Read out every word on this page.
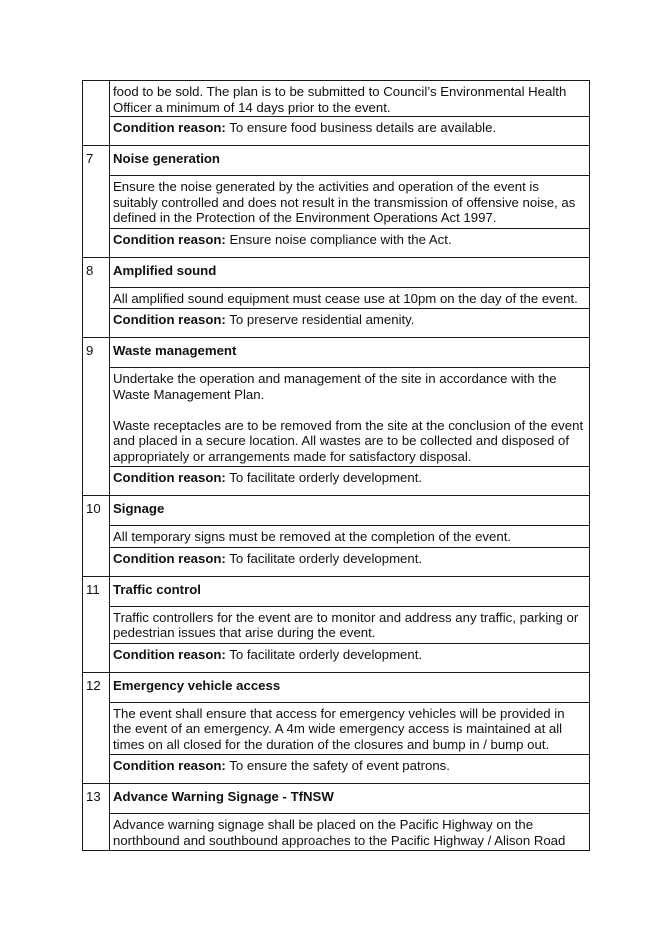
	food to be sold. The plan is to be submitted to Council’s Environmental Health Officer a minimum of 14 days prior to the event.
	Condition reason: To ensure food business details are available.
7	Noise generation

	Ensure the noise generated by the activities and operation of the event is suitably controlled and does not result in the transmission of offensive noise, as defined in the Protection of the Environment Operations Act 1997.

	Condition reason: Ensure noise compliance with the Act.
8	Amplified sound

	All amplified sound equipment must cease use at 10pm on the day of the event.

	Condition reason: To preserve residential amenity.
9	Waste management

	Undertake the operation and management of the site in accordance with the Waste Management Plan.

Waste receptacles are to be removed from the site at the conclusion of the event and placed in a secure location. All wastes are to be collected and disposed of appropriately or arrangements made for satisfactory disposal.

	Condition reason: To facilitate orderly development.
10	Signage

	All temporary signs must be removed at the completion of the event.

	Condition reason: To facilitate orderly development.
11	Traffic control

	Traffic controllers for the event are to monitor and address any traffic, parking or pedestrian issues that arise during the event.

	Condition reason: To facilitate orderly development.
12	Emergency vehicle access

	The event shall ensure that access for emergency vehicles will be provided in the event of an emergency. A 4m wide emergency access is maintained at all times on all closed for the duration of the closures and bump in / bump out.

	Condition reason: To ensure the safety of event patrons.
13	Advance Warning Signage - TfNSW

	Advance warning signage shall be placed on the Pacific Highway on the northbound and southbound approaches to the Pacific Highway / Alison Road
